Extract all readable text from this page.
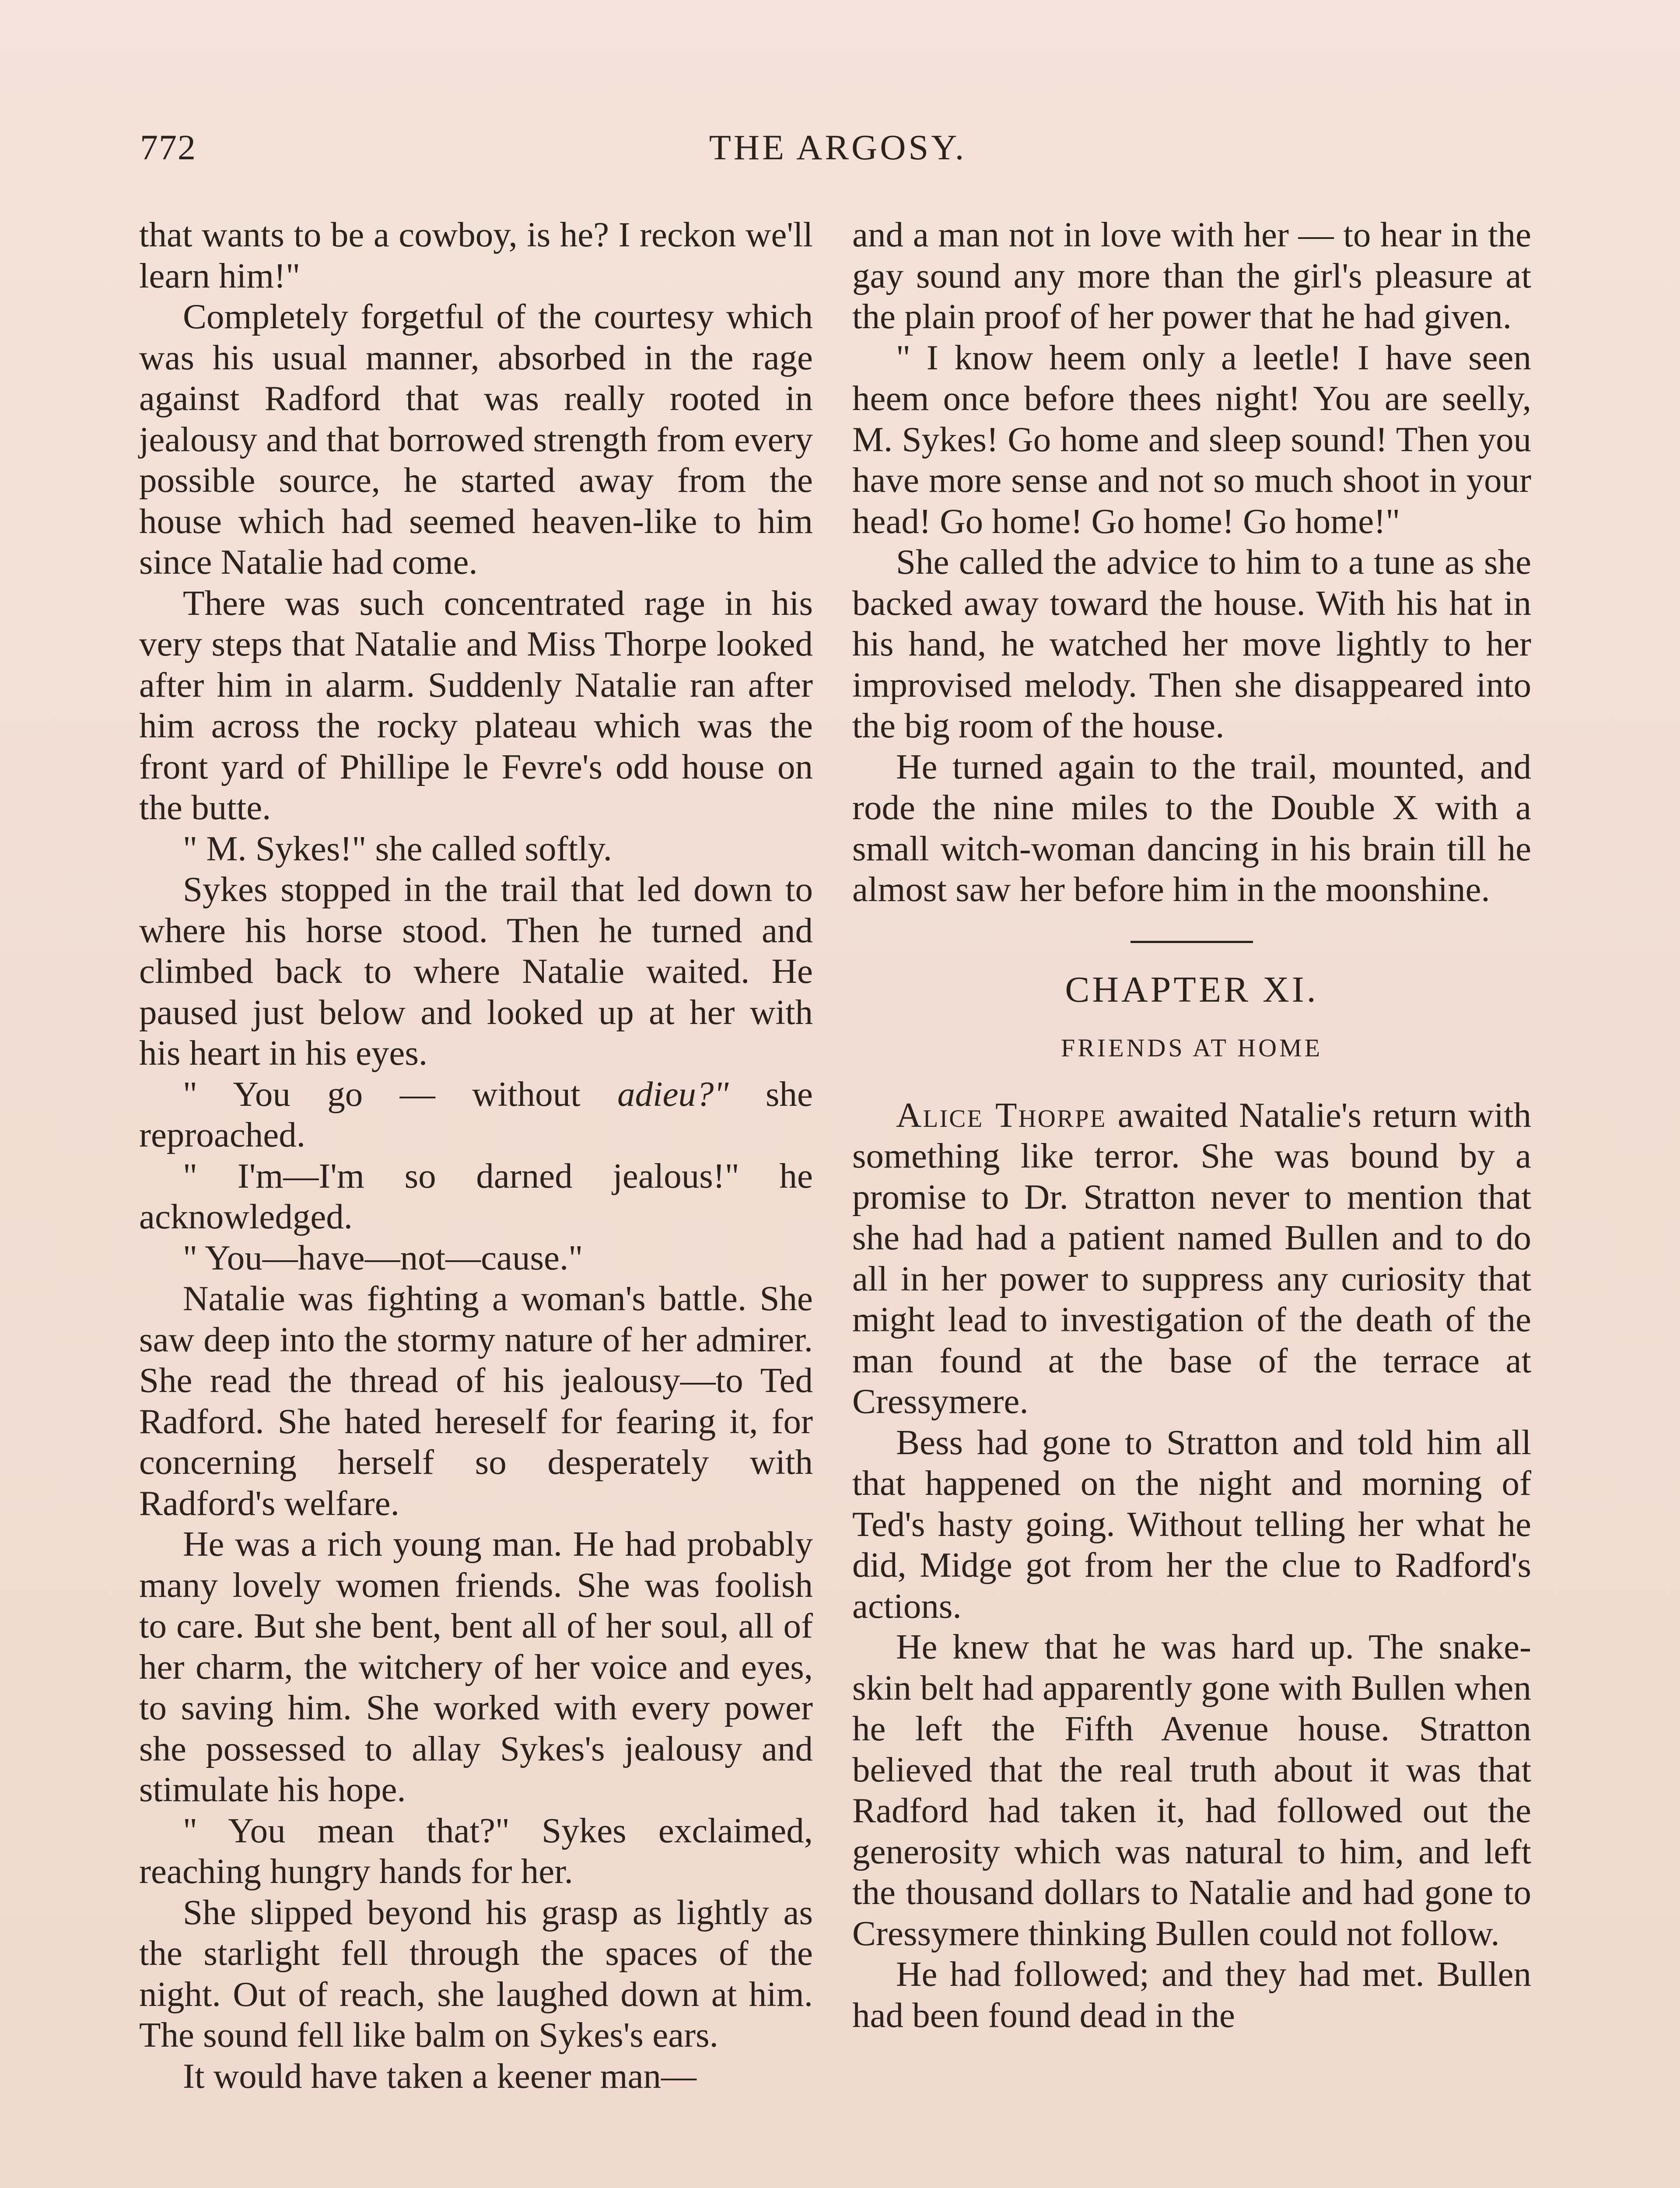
772	THE ARGOSY.

that wants to be a cowboy, is he? I reckon we'll learn him!"

Completely forgetful of the courtesy which was his usual manner, absorbed in the rage against Radford that was really rooted in jealousy and that borrowed strength from every possible source, he started away from the house which had seemed heaven-like to him since Natalie had come.

There was such concentrated rage in his very steps that Natalie and Miss Thorpe looked after him in alarm. Suddenly Natalie ran after him across the rocky plateau which was the front yard of Phillipe le Fevre's odd house on the butte.

" M. Sykes!" she called softly.

Sykes stopped in the trail that led down to where his horse stood. Then he turned and climbed back to where Natalie waited. He paused just below and looked up at her with his heart in his eyes.

" You go — without adieu?" she reproached.

" I'm—I'm so darned jealous!" he acknowledged.

" You—have—not—cause."

Natalie was fighting a woman's battle. She saw deep into the stormy nature of her admirer. She read the thread of his jealousy—to Ted Radford. She hated hereself for fearing it, for concerning herself so desperately with Radford's welfare.

He was a rich young man. He had probably many lovely women friends. She was foolish to care. But she bent, bent all of her soul, all of her charm, the witchery of her voice and eyes, to saving him. She worked with every power she possessed to allay Sykes's jealousy and stimulate his hope.

" You mean that?" Sykes exclaimed, reaching hungry hands for her.

She slipped beyond his grasp as lightly as the starlight fell through the spaces of the night. Out of reach, she laughed down at him. The sound fell like balm on Sykes's ears.

It would have taken a keener man—

and a man not in love with her — to hear in the gay sound any more than the girl's pleasure at the plain proof of her power that he had given.

" I know heem only a leetle! I have seen heem once before thees night! You are seelly, M. Sykes! Go home and sleep sound! Then you have more sense and not so much shoot in your head! Go home! Go home! Go home!"

She called the advice to him to a tune as she backed away toward the house. With his hat in his hand, he watched her move lightly to her improvised melody. Then she disappeared into the big room of the house.

He turned again to the trail, mounted, and rode the nine miles to the Double X with a small witch-woman dancing in his brain till he almost saw her before him in the moonshine.

CHAPTER XI.
FRIENDS AT HOME

Alice Thorpe awaited Natalie's return with something like terror. She was bound by a promise to Dr. Stratton never to mention that she had had a patient named Bullen and to do all in her power to suppress any curiosity that might lead to investigation of the death of the man found at the base of the terrace at Cressymere.

Bess had gone to Stratton and told him all that happened on the night and morning of Ted's hasty going. Without telling her what he did, Midge got from her the clue to Radford's actions.

He knew that he was hard up. The snake-skin belt had apparently gone with Bullen when he left the Fifth Avenue house. Stratton believed that the real truth about it was that Radford had taken it, had followed out the generosity which was natural to him, and left the thousand dollars to Natalie and had gone to Cressymere thinking Bullen could not follow.

He had followed; and they had met. Bullen had been found dead in the
